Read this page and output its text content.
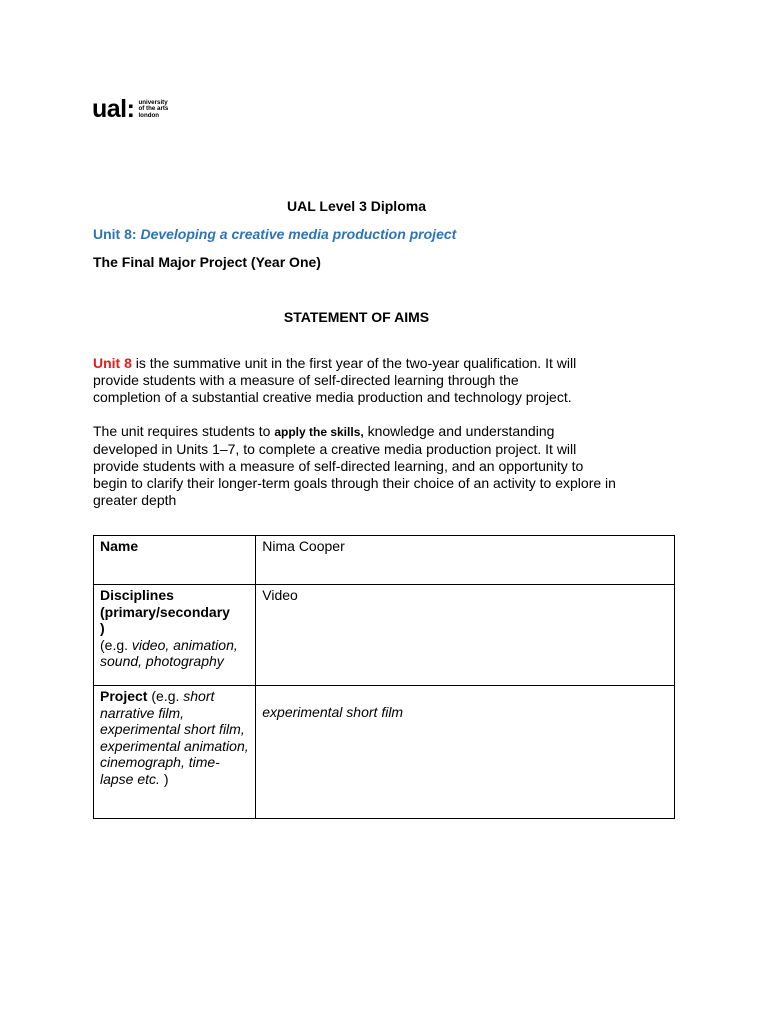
ual: university
of the arts
london
UAL Level 3 Diploma
Unit 8: Developing a creative media production project
The Final Major Project (Year One)
STATEMENT OF AIMS
Unit 8 is the summative unit in the first year of the two-year qualification. It will
provide students with a measure of self-directed learning through the
completion of a substantial creative media production and technology project.
The unit requires students to apply the skills, knowledge and understanding
developed in Units 1–7, to complete a creative media production project. It will
provide students with a measure of self-directed learning, and an opportunity to
begin to clarify their longer-term goals through their choice of an activity to explore in
greater depth
Name	Nima Cooper
Disciplines
(primary/secondary
)
(e.g. video, animation, sound, photography	Video
Project (e.g. short narrative film, experimental short film, experimental animation, cinemograph, time-lapse etc. )	experimental short film
